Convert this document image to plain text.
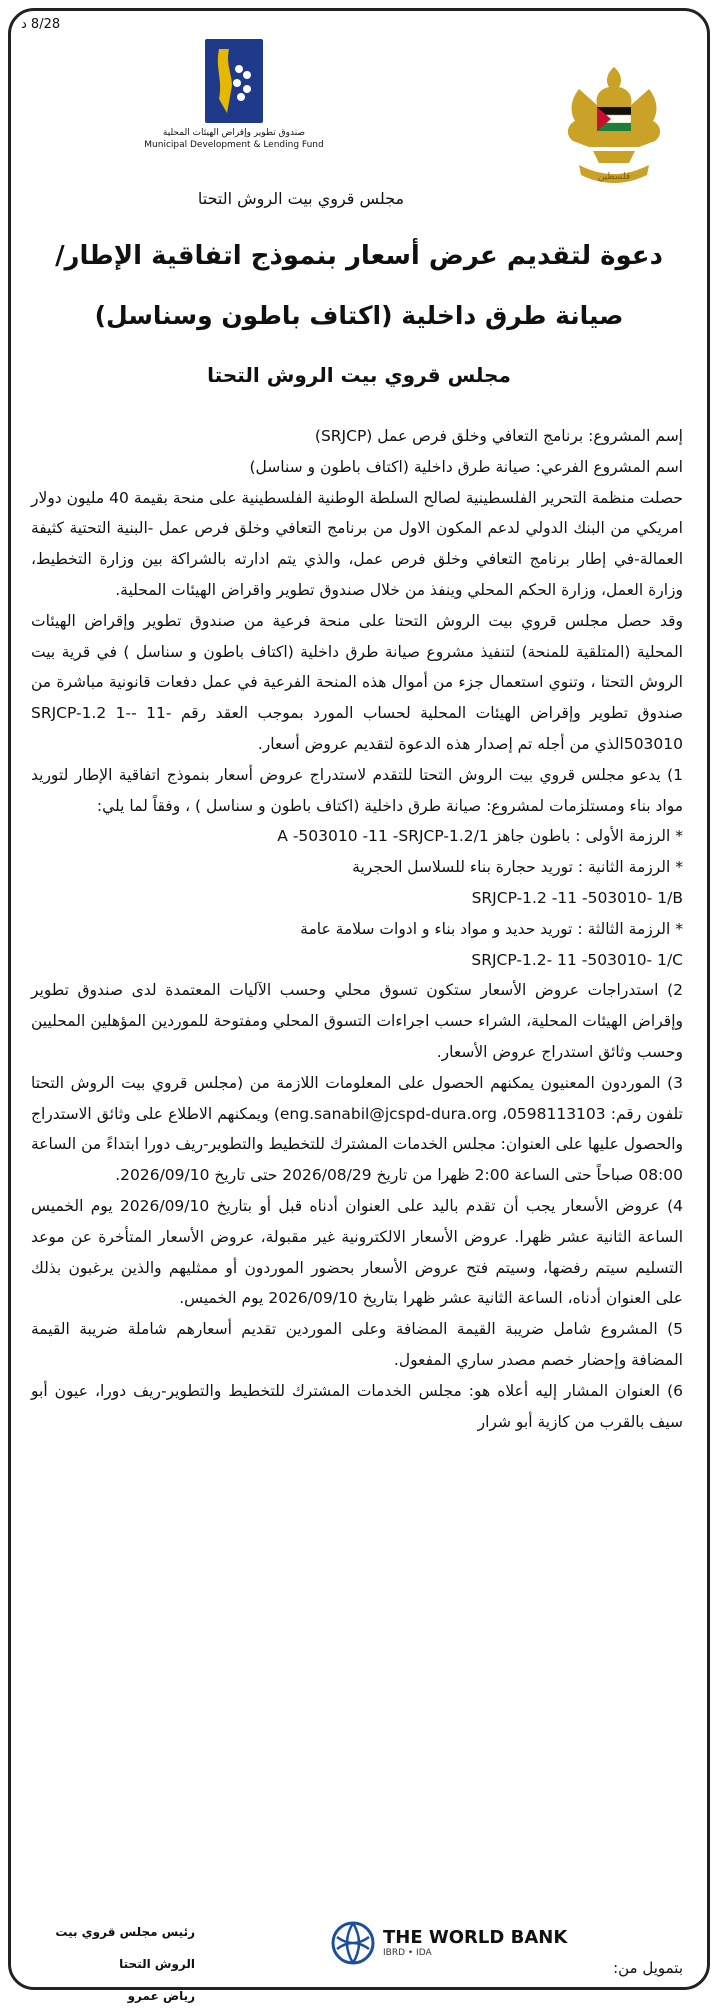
8/28 د
فلسطين
صندوق تطوير وإقراض الهيئات المحلية
Municipal Development & Lending Fund
مجلس قروي بيت الروش التحتا
دعوة لتقديم عرض أسعار بنموذج اتفاقية الإطار/
صيانة طرق داخلية (اكتاف باطون وسناسل)
مجلس قروي بيت الروش التحتا

إسم المشروع: برنامج التعافي وخلق فرص عمل (SRJCP)

اسم المشروع الفرعي: صيانة طرق داخلية (اكتاف باطون و سناسل)

حصلت منظمة التحرير الفلسطينية لصالح السلطة الوطنية الفلسطينية على منحة بقيمة 40 مليون دولار امريكي من البنك الدولي لدعم المكون الاول من برنامج التعافي وخلق فرص عمل -البنية التحتية كثيفة العمالة-في إطار برنامج التعافي وخلق فرص عمل، والذي يتم ادارته بالشراكة بين وزارة التخطيط، وزارة العمل، وزارة الحكم المحلي وينفذ من خلال صندوق تطوير واقراض الهيئات المحلية.

وقد حصل مجلس قروي بيت الروش التحتا على منحة فرعية من صندوق تطوير وإقراض الهيئات المحلية (المتلقية للمنحة) لتنفيذ مشروع صيانة طرق داخلية (اكتاف باطون و سناسل ) في قرية بيت الروش التحتا ، وتنوي استعمال جزء من أموال هذه المنحة الفرعية في عمل دفعات قانونية مباشرة من صندوق تطوير وإقراض الهيئات المحلية لحساب المورد بموجب العقد رقم -11 -SRJCP-1.2 1- 503010الذي من أجله تم إصدار هذه الدعوة لتقديم عروض أسعار.

1) يدعو مجلس قروي بيت الروش التحتا للتقدم لاستدراج عروض أسعار بنموذج اتفاقية الإطار لتوريد مواد بناء ومستلزمات لمشروع: صيانة طرق داخلية (اكتاف باطون و سناسل ) ، وفقاً لما يلي:

* الرزمة الأولى : باطون جاهز 1/A -503010 -11 -SRJCP-1.2

* الرزمة الثانية : توريد حجارة بناء للسلاسل الحجرية

SRJCP-1.2 -11 -503010- 1/B

* الرزمة الثالثة : توريد حديد و مواد بناء و ادوات سلامة عامة

SRJCP-1.2- 11 -503010- 1/C

2) استدراجات عروض الأسعار ستكون تسوق محلي وحسب الآليات المعتمدة لدى صندوق تطوير وإقراض الهيئات المحلية، الشراء حسب اجراءات التسوق المحلي ومفتوحة للموردين المؤهلين المحليين وحسب وثائق استدراج عروض الأسعار.

3) الموردون المعنيون يمكنهم الحصول على المعلومات اللازمة من (مجلس قروي بيت الروش التحتا تلفون رقم: 0598113103، eng.sanabil@jcspd-dura.org) ويمكنهم الاطلاع على وثائق الاستدراج والحصول عليها على العنوان: مجلس الخدمات المشترك للتخطيط والتطوير-ريف دورا ابتداءً من الساعة 08:00 صباحاً حتى الساعة 2:00 ظهرا من تاريخ 2026/08/29 حتى تاريخ 2026/09/10.

4) عروض الأسعار يجب أن تقدم باليد على العنوان أدناه قبل أو بتاريخ 2026/09/10 يوم الخميس الساعة الثانية عشر ظهرا. عروض الأسعار الالكترونية غير مقبولة، عروض الأسعار المتأخرة عن موعد التسليم سيتم رفضها، وسيتم فتح عروض الأسعار بحضور الموردون أو ممثليهم والذين يرغبون بذلك على العنوان أدناه، الساعة الثانية عشر ظهرا بتاريخ 2026/09/10 يوم الخميس.

5) المشروع شامل ضريبة القيمة المضافة وعلى الموردين تقديم أسعارهم شاملة ضريبة القيمة المضافة وإحضار خصم مصدر ساري المفعول.

6) العنوان المشار إليه أعلاه هو: مجلس الخدمات المشترك للتخطيط والتطوير-ريف دورا، عيون أبو سيف بالقرب من كازية أبو شرار

رئيس مجلس قروي بيت الروش التحتا
رياض عمرو
THE WORLD BANK
IBRD • IDA
بتمويل من:
